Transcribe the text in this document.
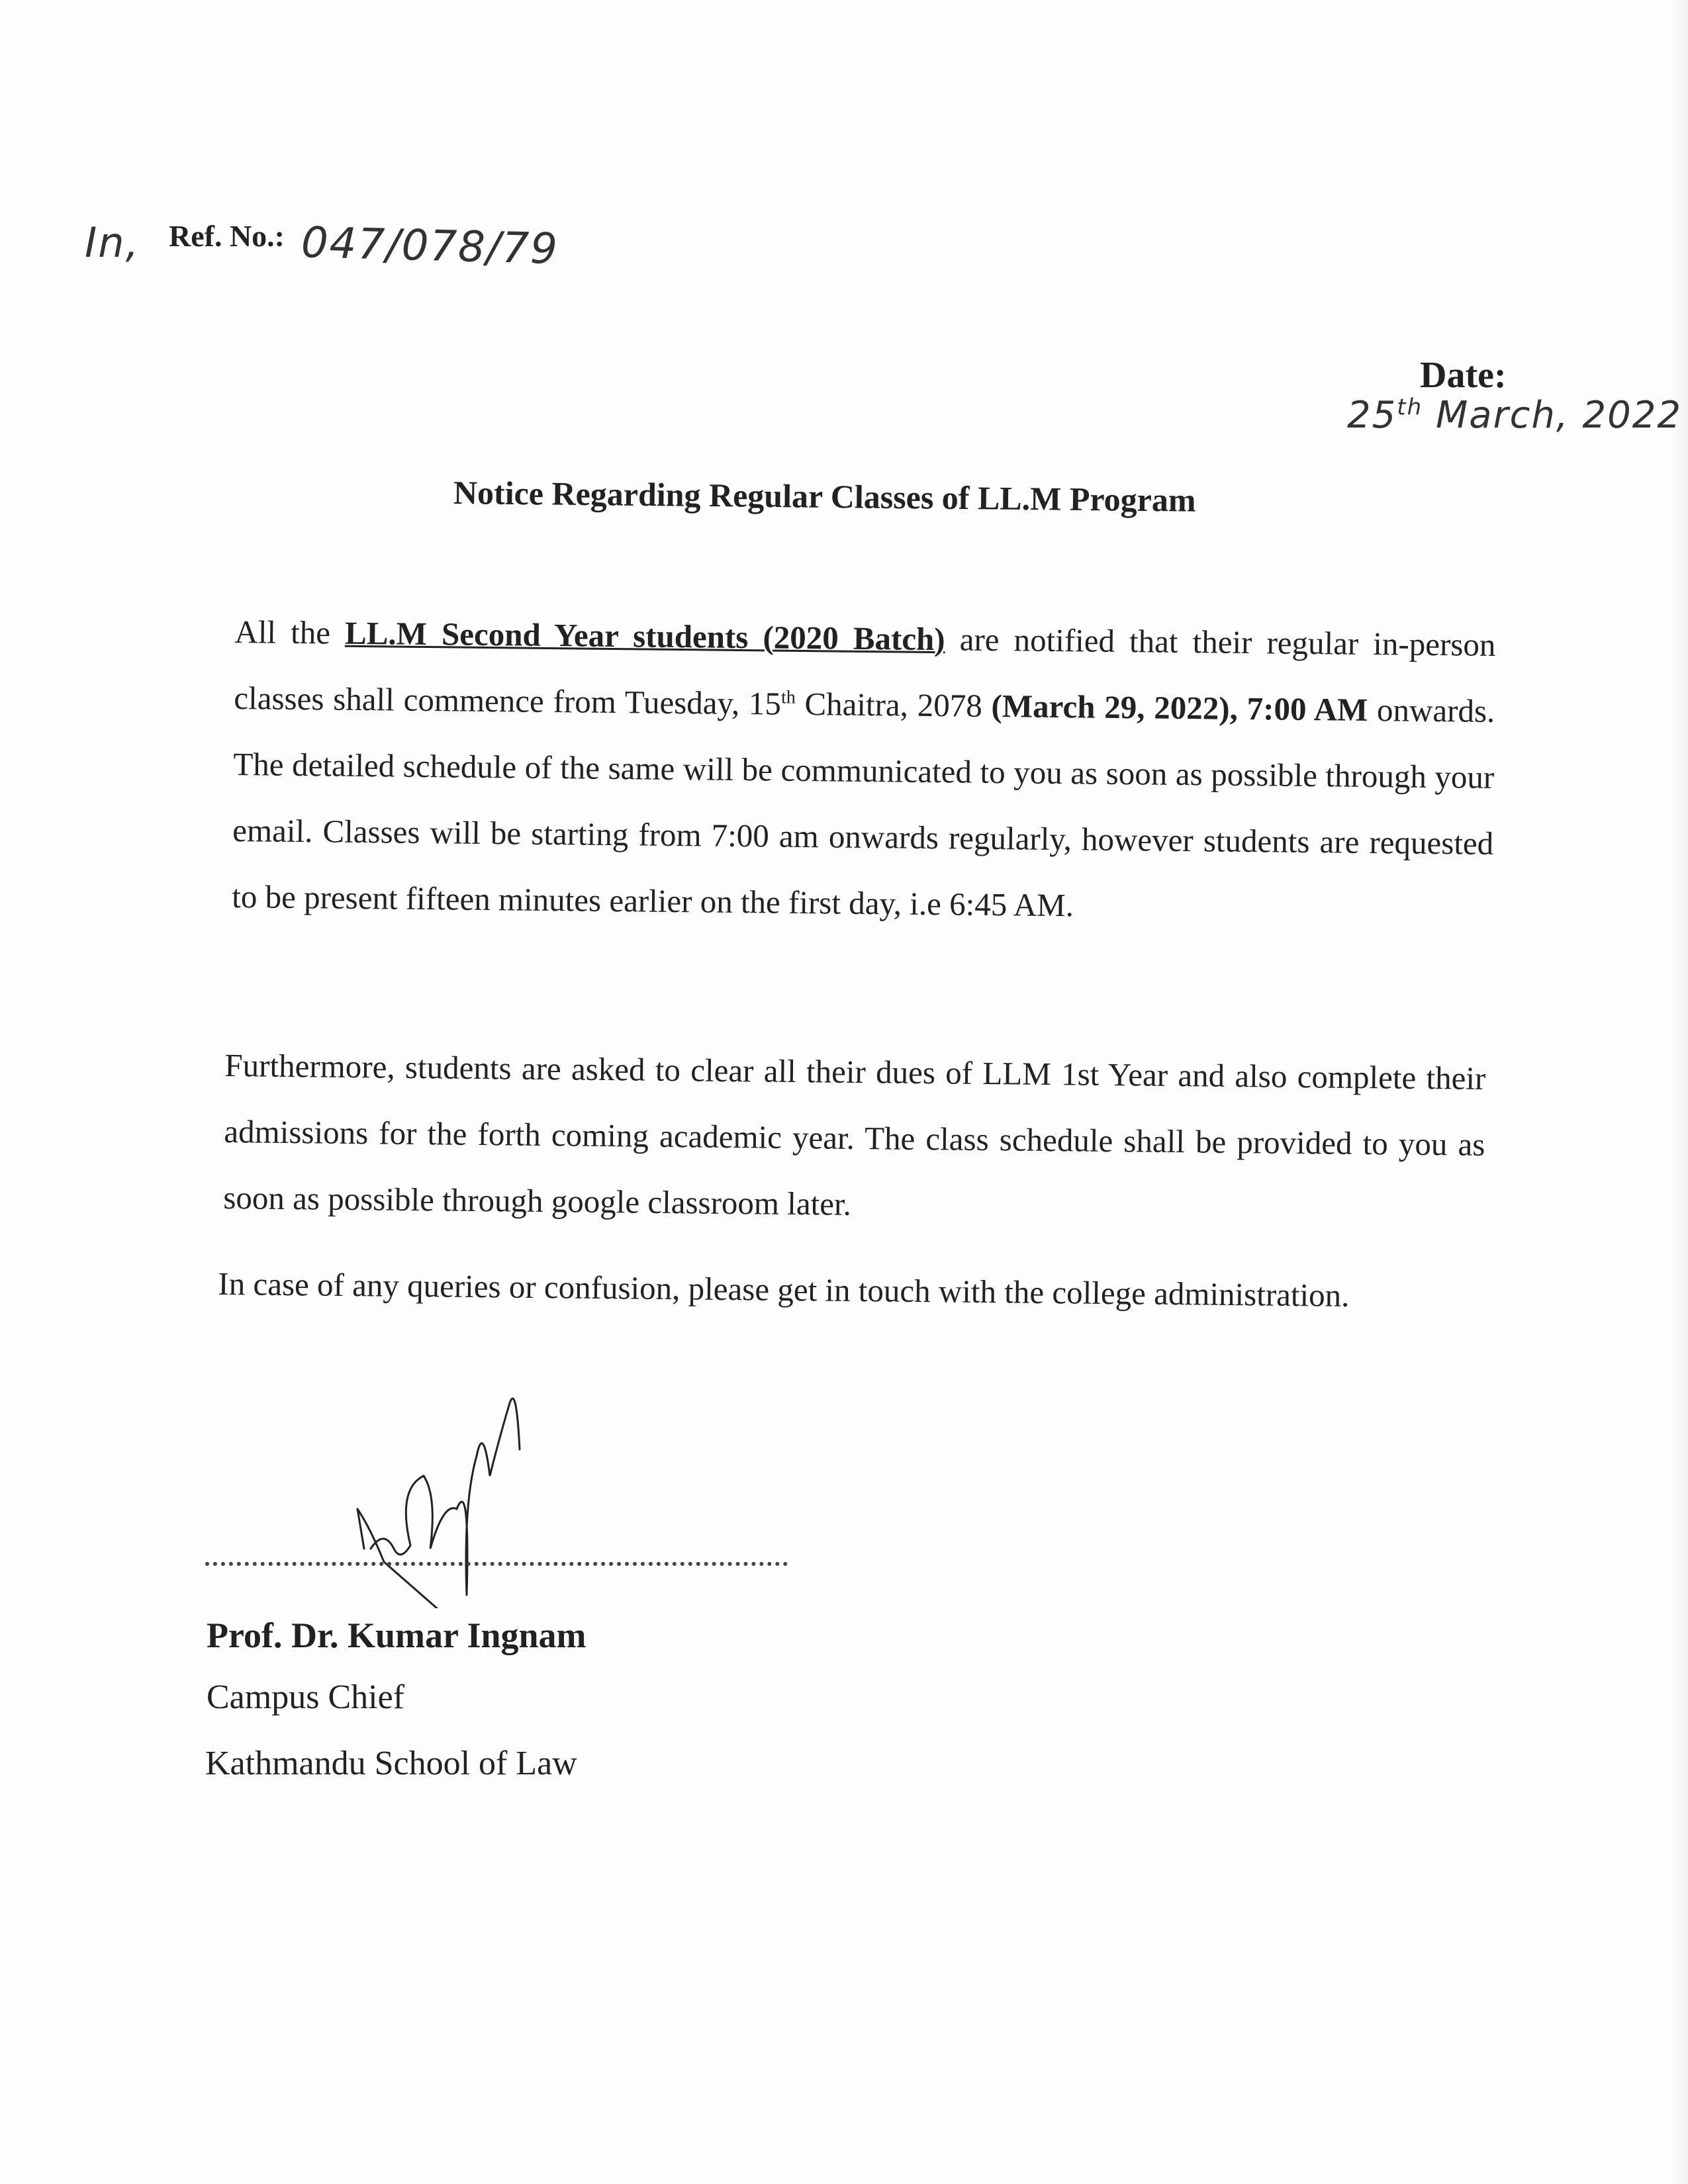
In, Ref. No.: 047/078/79
Date:
25th March, 2022
Notice Regarding Regular Classes of LL.M Program
All the LL.M Second Year students (2020 Batch) are notified that their regular in-person classes shall commence from Tuesday, 15th Chaitra, 2078 (March 29, 2022), 7:00 AM onwards. The detailed schedule of the same will be communicated to you as soon as possible through your email. Classes will be starting from 7:00 am onwards regularly, however students are requested to be present fifteen minutes earlier on the first day, i.e 6:45 AM.
Furthermore, students are asked to clear all their dues of LLM 1st Year and also complete their admissions for the forth coming academic year. The class schedule shall be provided to you as soon as possible through google classroom later.
In case of any queries or confusion, please get in touch with the college administration.
Prof. Dr. Kumar Ingnam
Campus Chief
Kathmandu School of Law
